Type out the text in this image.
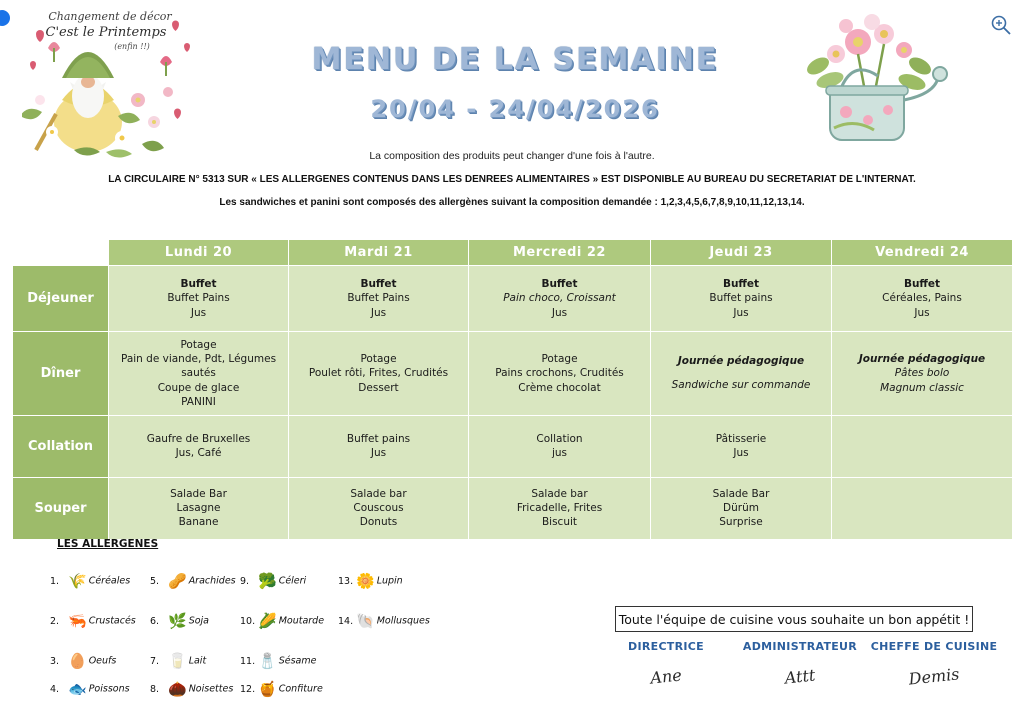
Changement de décor
C'est le Printemps
(enfin !!)	MENU DE LA SEMAINE
20/04 - 24/04/2026
La composition des produits peut changer d'une fois à l'autre.
LA CIRCULAIRE N° 5313 SUR « LES ALLERGENES CONTENUS DANS LES DENREES ALIMENTAIRES » EST DISPONIBLE AU BUREAU DU SECRETARIAT DE L'INTERNAT.
Les sandwiches et panini sont composés des allergènes suivant la composition demandée : 1,2,3,4,5,6,7,8,9,10,11,12,13,14.
	Lundi 20	Mardi 21	Mercredi 22	Jeudi 23	Vendredi 24
Déjeuner	Buffet
Buffet Pains
Jus	Buffet
Buffet Pains
Jus	Buffet
Pain choco, Croissant
Jus	Buffet
Buffet pains
Jus	Buffet
Céréales, Pains
Jus

Dîner	Potage
Pain de viande, Pdt, Légumes sautés
Coupe de glace
PANINI	Potage
Poulet rôti, Frites, Crudités
Dessert	Potage
Pains crochons, Crudités
Crème chocolat	Journée pédagogique
Sandwiche sur commande	Journée pédagogique
Pâtes bolo
Magnum classic

Collation	Gaufre de Bruxelles
Jus, Café	Buffet pains
Jus	Collation
jus	Pâtisserie
Jus	

Souper	Salade Bar
Lasagne
Banane	Salade bar
Couscous
Donuts	Salade bar
Fricadelle, Frites
Biscuit	Salade Bar
Dürüm
Surprise	

LES ALLERGENES
1. 🌾 Céréales
2. 🦐 Crustacés
3. 🥚 Oeufs
4. 🐟 Poissons
5. 🥜 Arachides
6. 🌿 Soja
7. 🥛 Lait
8. 🌰 Noisettes
9. 🥦 Céleri
10. 🌽 Moutarde
11. 🧂 Sésame
12. 🍯 Confiture
13. 🌼 Lupin
14. 🐚 Mollusques	Toute l'équipe de cuisine vous souhaite un bon appétit !
DIRECTRICE
Ane
ADMINISTRATEUR
Attt
CHEFFE DE CUISINE
Demis
